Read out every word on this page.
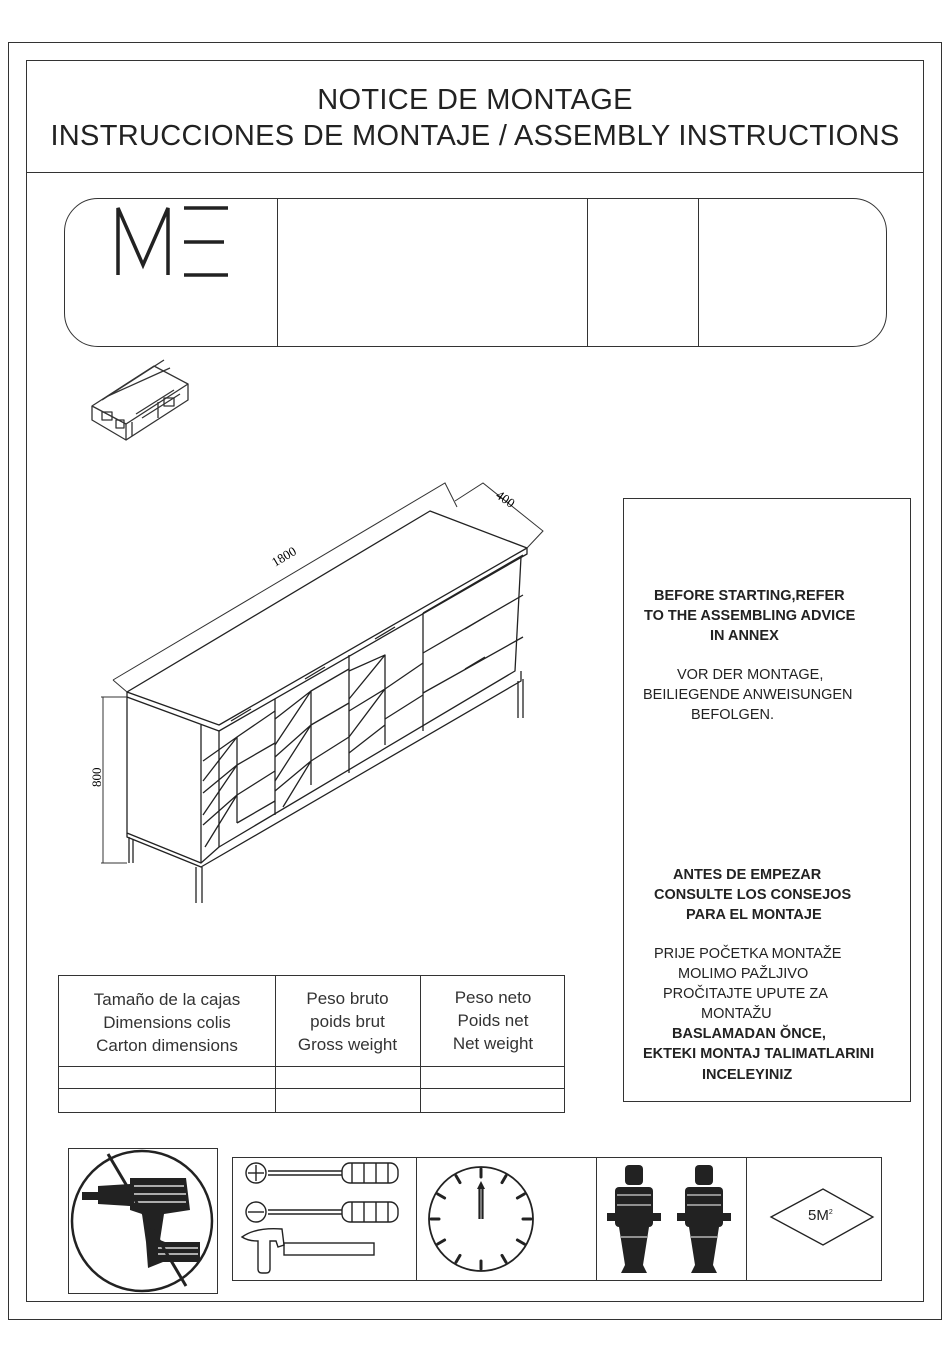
NOTICE DE MONTAGE
INSTRUCCIONES DE MONTAJE / ASSEMBLY INSTRUCTIONS
1800
400
800
BEFORE STARTING,REFER
TO THE ASSEMBLING ADVICE
IN ANNEX
VOR DER MONTAGE,
BEILIEGENDE ANWEISUNGEN
BEFOLGEN.
ANTES DE EMPEZAR
CONSULTE LOS CONSEJOS
PARA EL MONTAJE
PRIJE POČETKA MONTAŽE
MOLIMO PAŽLJIVO
PROČITAJTE UPUTE ZA
MONTAŽU
BASLAMADAN ŎNCE,
EKTEKI MONTAJ TALIMATLARINI
INCELEYINIZ
Tamaño de la cajas
Dimensions colis
Carton dimensions
Peso bruto
poids brut
Gross weight
Peso neto
Poids net
Net weight
$5M^2$
